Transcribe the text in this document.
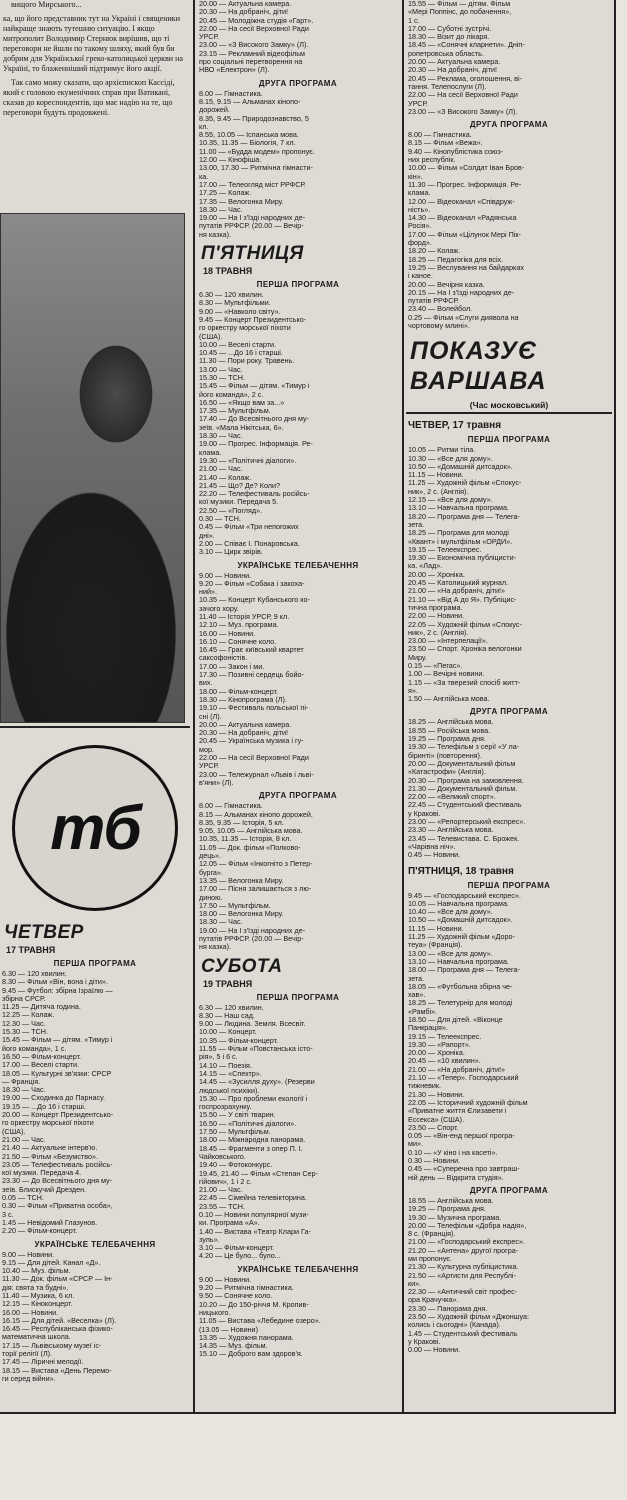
вищого Мирського...

ка, що його представник тут на Україні і священики найкраще знають тутешню ситуацію. І якщо митрополит Володимир Стернюк вирішив, що ті переговори не йшли по такому шляху, який був би добрим для Української греко-католицької церкви на Україні, то блаженніший підтримує його акції.

Так само можу сказати, що архієпископ Кассіді, який є головою екуменічних справ при Ватикані, сказав до кореспондентів, що має надію на те, що переговори будуть продовжені.

тб
ЧЕТВЕР
17 ТРАВНЯ
ПЕРША ПРОГРАМА
6.30 — 120 хвилин.
8.30 — Фільм «Він, вона і діти».
9.45 — Футбол: збірна Ізраїлю —
збірна СРСР.
11.25 — Дитяча година.
12.25 — Колаж.
12.30 — Час.
15.30 — ТСН.
15.45 — Фільм — дітям. «Тимур і
його команда», 1 с.
16.50 — Фільм-концерт.
17.00 — Веселі старти.
18.05 — Культурні зв'язки: СРСР
— Франція.
18.30 — Час.
19.00 — Сходинка до Парнасу.
19.15 — ...До 16 і старші.
20.00 — Концерт Президентсько-
го оркестру морської піхоти
(США).
21.00 — Час.
21.40 — Актуальне інтерв'ю.
21.50 — Фільм «Безумство».
23.05 — Телефестиваль російсь-
кої музики. Передача 4.
23.30 — До Всесвітнього дня му-
зеїв. Блискучий Дрезден.
0.05 — ТСН.
0.30 — Фільм «Приватна особа»,
3 с.
1.45 — Невідомий Глазунов.
2.20 — Фільм-концерт.
УКРАЇНСЬКЕ ТЕЛЕБАЧЕННЯ
9.00 — Новини.
9.15 — Для дітей. Канал «Д».
10.40 — Муз. фільм.
11.30 — Док. фільм «СРСР — Ін-
дія: свята та будні».
11.40 — Музика, 6 кл.
12.15 — Кіноконцерт.
16.00 — Новини.
16.15 — Для дітей. «Веселка» (Л).
16.45 — Республіканська фізико-
математична школа.
17.15 — Львівському музеї іс-
торії релігії (Л).
17.45 — Ліричні мелодії.
18.15 — Вистава «День Перемо-
ги серед війни».
20.00 — Актуальна камера.
20.30 — На добраніч, діти!
20.45 — Молодіжна студія «Гарт».
22.00 — На сесії Верховної Ради
УРСР.
23.00 — «З Високого Замку» (Л).
23.15 — Рекламний відеофільм
про соціальні перетворення на
НВО «Електрон» (Л).
ДРУГА ПРОГРАМА
8.00 — Гімнастика.
8.15, 9.15 — Альманах кінопо-
дорожей.
8.35, 9.45 — Природознавство, 5
кл.
8.55, 10.05 — Іспанська мова.
10.35, 11.35 — Біологія, 7 кл.
11.00 — «Будда модем» пропонує.
12.00 — Кінофіша.
13.00, 17.30 — Ритмічна гімнасти-
ка.
17.00 — Телеогляд міст РРФСР.
17.25 — Колаж.
17.35 — Велогонка Миру.
18.30 — Час.
19.00 — На І з'їзді народних де-
путатів РРФСР. (20.00 — Вечір-
ня казка).
П'ЯТНИЦЯ
18 ТРАВНЯ
ПЕРША ПРОГРАМА
6.30 — 120 хвилин.
8.30 — Мультфільми.
9.00 — «Навколо світу».
9.45 — Концерт Президентсько-
го оркестру морської піхоти
(США).
10.00 — Веселі старти.
10.45 — ...До 16 і старші.
11.30 — Пори року. Травень.
13.00 — Час.
15.30 — ТСН.
15.45 — Фільм — дітям. «Тимур і
його команда», 2 с.
16.50 — «Якщо вам за...»
17.35 — Мультфільм.
17.40 — До Всесвітнього дня му-
зеїв. «Мала Нікітська, 6».
18.30 — Час.
19.00 — Прогрес. Інформація. Ре-
клама.
19.30 — «Політичні діалоги».
21.00 — Час.
21.40 — Колаж.
21.45 — Що? Де? Коли?
22.20 — Телефестиваль російсь-
кої музики. Передача 5.
22.50 — «Погляд».
0.30 — ТСН.
0.45 — Фільм «Три непогожих
дні».
2.00 — Співає І. Понаровська.
3.10 — Цирк звірів.
УКРАЇНСЬКЕ ТЕЛЕБАЧЕННЯ
9.00 — Новини.
9.20 — Фільм «Собака і закоха-
ний».
10.35 — Концерт Кубанського ко-
зачого хору.
11.40 — Історія УРСР, 9 кл.
12.10 — Муз. програма.
16.00 — Новини.
16.10 — Сонячне коло.
16.45 — Грає київський квартет
саксофоністів.
17.00 — Закон і ми.
17.30 — Позивні сердець бойо-
вих.
18.00 — Фільм-концерт.
18.30 — Кінопрограма (Л).
19.10 — Фестиваль польської пі-
сні (Л).
20.00 — Актуальна камера.
20.30 — На добраніч, діти!
20.45 — Українська музика і гу-
мор.
22.00 — На сесії Верховної Ради
УРСР.
23.00 — Тележурнал «Львів і льві-
в'яни» (Л).
ДРУГА ПРОГРАМА
8.00 — Гімнастика.
8.15 — Альманах кінопо дорожей.
8.35, 9.35 — Історія, 5 кл.
9.05, 10.05 — Англійська мова.
10.35, 11.35 — Історія, 8 кл.
11.05 — Док. фільм «Полково-
дець».
12.05 — Фільм «Інкогніто з Петер-
бурга».
13.35 — Велогонка Миру.
17.00 — Пісня залишається з лю-
диною.
17.50 — Мультфільм.
18.00 — Велогонка Миру.
18.30 — Час.
19.00 — На І з'їзді народних де-
путатів РРФСР. (20.00 — Вечір-
ня казка).
СУБОТА
19 ТРАВНЯ
ПЕРША ПРОГРАМА
6.30 — 120 хвилин.
8.30 — Наш сад.
9.00 — Людина. Земля. Всесвіт.
10.00 — Концерт.
10.35 — Фільм-концерт.
11.55 — Фільм «Повстанська істо-
рія», 5 і 6 с.
14.10 — Поезія.
14.15 — «Спектр».
14.45 — «Зусилля духу». (Резерви
людської психіки).
15.30 — Про проблеми екології і
госпрозрахунку.
15.50 — У світі тварин.
16.50 — «Політичні діалоги».
17.50 — Мультфільм.
18.00 — Міжнародна панорама.
18.45 — Фрагменти з опер П. І.
Чайковського.
19.40 — Фотоконкурс.
19.45, 21.40 — Фільм «Степан Сер-
гійович», 1 і 2 с.
21.00 — Час.
22.45 — Сімейна телевікторина.
23.55 — ТСН.
0.10 — Новини популярної музи-
ки. Програма «А».
1.40 — Вистава «Театр Клари Га-
зуль».
3.10 — Фільм-концерт.
4.20 — Це було... було...
УКРАЇНСЬКЕ ТЕЛЕБАЧЕННЯ
9.00 — Новини.
9.20 — Ритмічна гімнастика.
9.50 — Сонячне коло.
10.20 — До 150-річчя М. Кропив-
ницького.
11.05 — Вистава «Лебедине озеро».
(13.05 — Новини)
13.35 — Художня панорама.
14.35 — Муз. фільм.
15.10 — Доброго вам здоров'я.
15.55 — Фільм — дітям. Фільм
«Мері Поппінс, до побачення»,
1 с.
17.00 — Суботні зустрічі.
18.30 — Візит до лікаря.
18.45 — «Сонячні кларнети». Дніп-
ропетровська область.
20.00 — Актуальна камера.
20.30 — На добраніч, діти!
20.45 — Реклама, оголошення, ві-
тання. Телепослуги (Л).
22.00 — На сесії Верховної Ради
УРСР.
23.00 — «З Високого Замку» (Л).
ДРУГА ПРОГРАМА
8.00 — Гімнастика.
8.15 — Фільм «Вежа».
9.40 — Кінопублістика союз-
них республік.
10.00 — Фільм «Солдат Іван Бров-
кін».
11.30 — Прогрес. Інформація. Ре-
клама.
12.00 — Відеоканал «Співдруж-
ність».
14.30 — Відеоканал «Радянська
Росія».
17.00 — Фільм «Цілунок Мері Пік-
форд».
18.20 — Колаж.
18.25 — Педагогіка для всіх.
19.25 — Веслування на байдарках
і каное.
20.00 — Вечірня казка.
20.15 — На І з'їзді народних де-
путатів РРФСР.
23.40 — Волейбол.
0.25 — Фільм «Слуги диявола на
чортовому млині».
ПОКАЗУЄ
ВАРШАВА
(Час московський)
ЧЕТВЕР, 17 травня
ПЕРША ПРОГРАМА
10.05 — Ритми тіла.
10.30 — «Все для дому».
10.50 — «Домашній дитсадок».
11.15 — Новини.
11.25 — Художній фільм «Спокус-
ник», 2 с. (Англія).
12.15 — «Все для дому».
13.10 — Навчальна програма.
18.20 — Програма дня — Телега-
зета.
18.25 — Програма для молоді
«Квант» і мультфільм «ОРДИ».
19.15 — Телеекспрес.
19.30 — Економічна публіцисти-
ка. «Лад».
20.00 — Хроніка.
20.45 — Католицький журнал.
21.00 — «На добраніч, діти!»
21.10 — «Від А до Я». Публіцис-
тична програма.
22.00 — Новини.
22.05 — Художній фільм «Спокус-
ник», 2 с. (Англія).
23.00 — «Інтерпелації».
23.50 — Спорт. Хроніка велогонки
Миру.
0.15 — «Пегас».
1.00 — Вечірні новини.
1.15 — «За тверезий спосіб житт-
я».
1.50 — Англійська мова.
ДРУГА ПРОГРАМА
18.25 — Англійська мова.
18.55 — Російська мова.
19.25 — Програма дня.
19.30 — Телефільм з серії «У ла-
біринті» (повторення).
20.00 — Документальний фільм
«Катастрофи» (Англія).
20.30 — Програма на замовлення.
21.30 — Документальний фільм.
22.00 — «Великий спорт».
22.45 — Студентський фестиваль
у Кракові.
23.00 — «Репортерський експрес».
23.30 — Англійська мова.
23.45 — Телевистава. С. Брожек.
«Чарівна ніч».
0.45 — Новини.
П'ЯТНИЦЯ, 18 травня
ПЕРША ПРОГРАМА
9.45 — «Господарський експрес».
10.05 — Навчальна програма.
10.40 — «Все для дому».
10.50 — «Домашній дитсадок».
11.15 — Новини.
11.25 — Художній фільм «Доро-
теуа» (Франція).
13.00 — «Все для дому».
13.10 — Навчальна програма.
18.00 — Програма дня — Телега-
зета.
18.05 — «Футбольна збірна че-
хав».
18.25 — Телетурнір для молоді
«Рамбі».
18.50 — Для дітей. «Віконце
Панкрація».
19.15 — Телеекспрес.
19.30 — «Рапорт».
20.00 — Хроніка.
20.45 — «10 хвилин».
21.00 — «На добраніч, діти!»
21.10 — «Тепер». Господарський
тижневик.
21.30 — Новини.
22.05 — Історичний художній фільм
«Приватне життя Єлизавети і
Ессекса» (США).
23.50 — Спорт.
0.05 — «Він-енд першої програ-
ми».
0.10 — «У кіно і на касеті».
0.30 — Новини.
0.45 — «Суперечна про завтраш-
ній день — Відкрита студія».
ДРУГА ПРОГРАМА
18.55 — Англійська мова.
19.25 — Програма дня.
19.30 — Музична програма.
20.00 — Телефільм «Добра надія»,
8 с. (Франція).
21.00 — «Господарський експрес».
21.20 — «Антена» другої програ-
ми пропонує.
21.30 — Культурна публіцистика.
21.50 — «Артисти для Республі-
ки».
22.30 — «Античний світ профес-
ора Крачучка».
23.30 — Панорама дня.
23.50 — Художній фільм «Джоншуа:
колись і сьогодні» (Канада).
1.45 — Студентський фестиваль
у Кракові.
0.00 — Новини.
